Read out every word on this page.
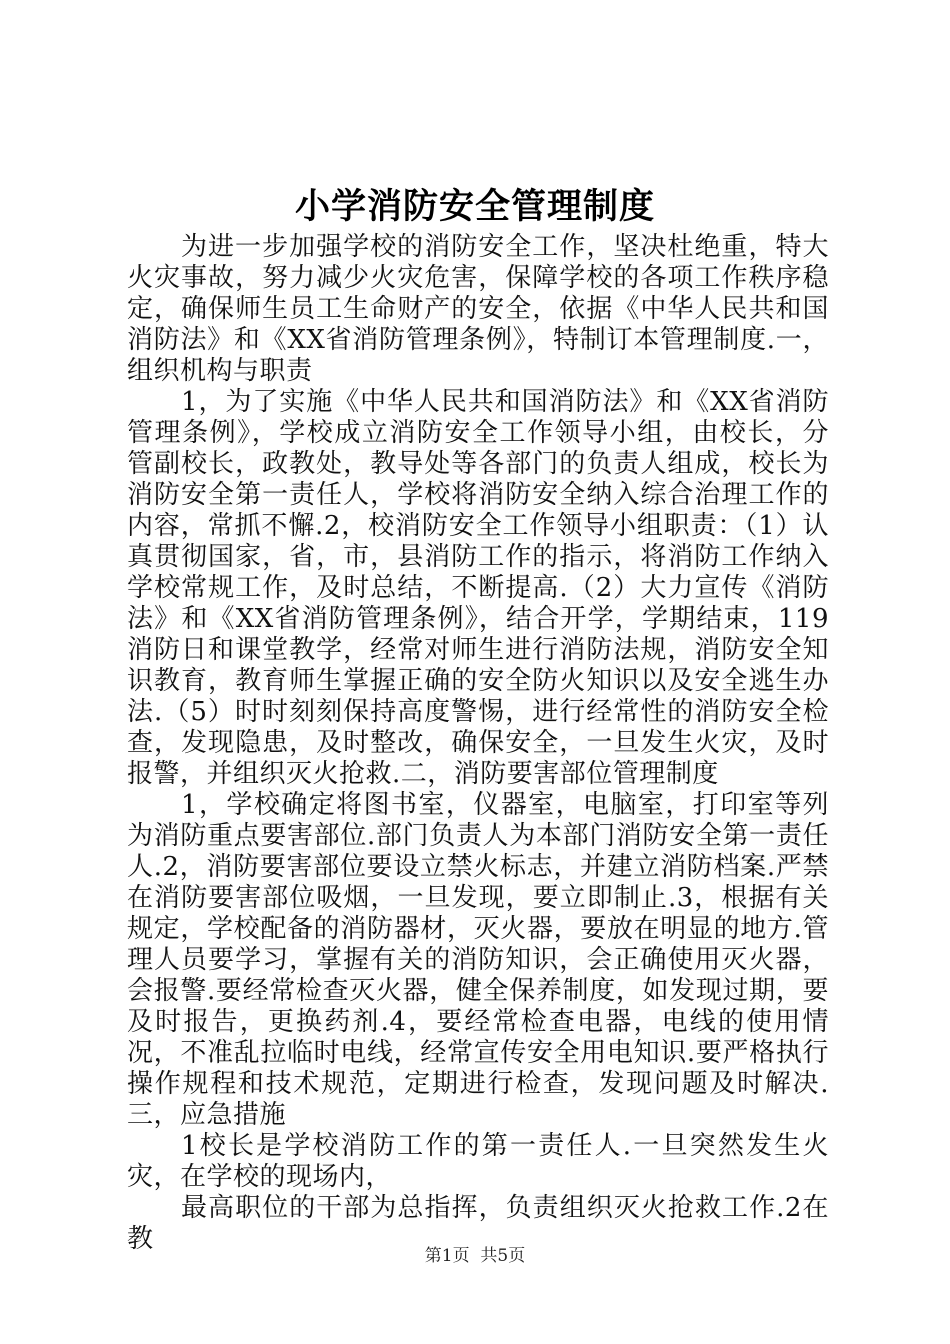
小学消防安全管理制度

为进一步加强学校的消防安全工作，坚决杜绝重，特大火灾事故，努力减少火灾危害，保障学校的各项工作秩序稳定，确保师生员工生命财产的安全，依据《中华人民共和国消防法》和《XX省消防管理条例》，特制订本管理制度.一，组织机构与职责

1，为了实施《中华人民共和国消防法》和《XX省消防管理条例》，学校成立消防安全工作领导小组，由校长，分管副校长，政教处，教导处等各部门的负责人组成，校长为消防安全第一责任人，学校将消防安全纳入综合治理工作的内容，常抓不懈.2，校消防安全工作领导小组职责：（1）认真贯彻国家，省，市，县消防工作的指示，将消防工作纳入学校常规工作，及时总结，不断提高.（2）大力宣传《消防法》和《XX省消防管理条例》，结合开学，学期结束，119消防日和课堂教学，经常对师生进行消防法规，消防安全知识教育，教育师生掌握正确的安全防火知识以及安全逃生办法.（5）时时刻刻保持高度警惕，进行经常性的消防安全检查，发现隐患，及时整改，确保安全，一旦发生火灾，及时报警，并组织灭火抢救.二，消防要害部位管理制度

1，学校确定将图书室，仪器室，电脑室，打印室等列为消防重点要害部位.部门负责人为本部门消防安全第一责任人.2，消防要害部位要设立禁火标志，并建立消防档案.严禁在消防要害部位吸烟，一旦发现，要立即制止.3，根据有关规定，学校配备的消防器材，灭火器，要放在明显的地方.管理人员要学习，掌握有关的消防知识，会正确使用灭火器，会报警.要经常检查灭火器，健全保养制度，如发现过期，要及时报告，更换药剂.4，要经常检查电器，电线的使用情况，不准乱拉临时电线，经常宣传安全用电知识.要严格执行操作规程和技术规范，定期进行检查，发现问题及时解决.三，应急措施

1校长是学校消防工作的第一责任人.一旦突然发生火灾，在学校的现场内，

最高职位的干部为总指挥，负责组织灭火抢救工作.2在教

第1页  共5页
